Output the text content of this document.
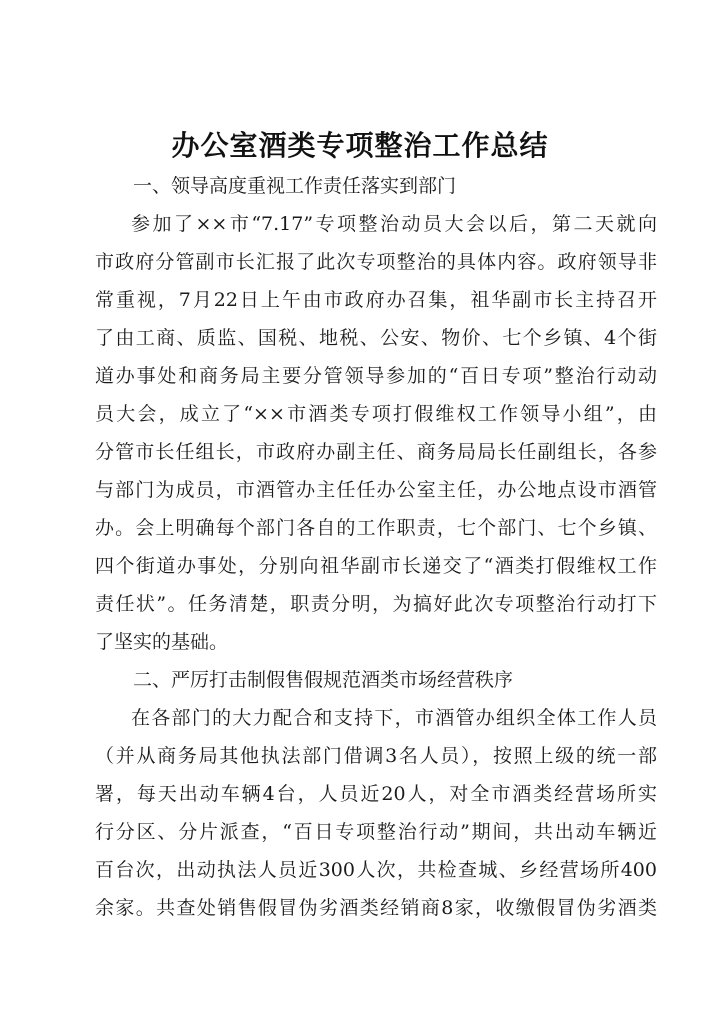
办公室酒类专项整治工作总结
一、领导高度重视工作责任落实到部门
参加了××市“7.17”专项整治动员大会以后，第二天就向
市政府分管副市长汇报了此次专项整治的具体内容。政府领导非
常重视，7月22日上午由市政府办召集，祖华副市长主持召开
了由工商、质监、国税、地税、公安、物价、七个乡镇、4个街
道办事处和商务局主要分管领导参加的“百日专项”整治行动动
员大会，成立了“××市酒类专项打假维权工作领导小组”，由
分管市长任组长，市政府办副主任、商务局局长任副组长，各参
与部门为成员，市酒管办主任任办公室主任，办公地点设市酒管
办。会上明确每个部门各自的工作职责，七个部门、七个乡镇、
四个街道办事处，分别向祖华副市长递交了“酒类打假维权工作
责任状”。任务清楚，职责分明，为搞好此次专项整治行动打下
了坚实的基础。
二、严厉打击制假售假规范酒类市场经营秩序
在各部门的大力配合和支持下，市酒管办组织全体工作人员
（并从商务局其他执法部门借调3名人员），按照上级的统一部
署，每天出动车辆4台，人员近20人，对全市酒类经营场所实
行分区、分片派查，“百日专项整治行动”期间，共出动车辆近
百台次，出动执法人员近300人次，共检查城、乡经营场所400
余家。共查处销售假冒伪劣酒类经销商8家，收缴假冒伪劣酒类
